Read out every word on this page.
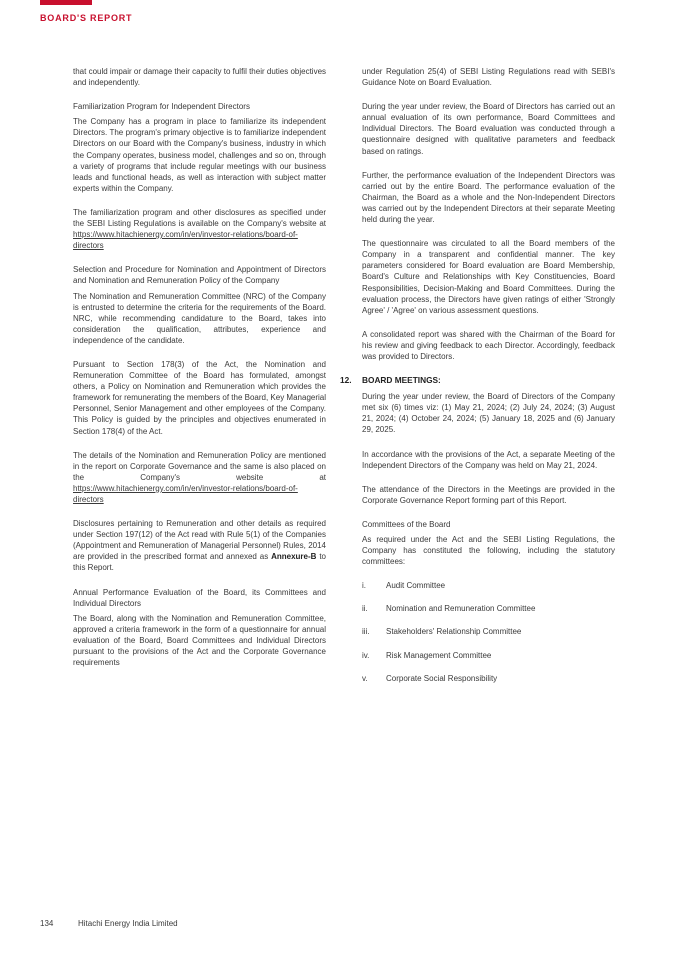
BOARD'S REPORT

that could impair or damage their capacity to fulfil their duties objectives and independently.

Familiarization Program for Independent Directors

The Company has a program in place to familiarize its independent Directors. The program's primary objective is to familiarize independent Directors on our Board with the Company's business, industry in which the Company operates, business model, challenges and so on, through a variety of programs that include regular meetings with our business leads and functional heads, as well as interaction with subject matter experts within the Company.

The familiarization program and other disclosures as specified under the SEBI Listing Regulations is available on the Company's website at https://www.hitachienergy.com/in/en/investor-relations/board-of-directors

Selection and Procedure for Nomination and Appointment of Directors and Nomination and Remuneration Policy of the Company

The Nomination and Remuneration Committee (NRC) of the Company is entrusted to determine the criteria for the requirements of the Board. NRC, while recommending candidature to the Board, takes into consideration the qualification, attributes, experience and independence of the candidate.

Pursuant to Section 178(3) of the Act, the Nomination and Remuneration Committee of the Board has formulated, amongst others, a Policy on Nomination and Remuneration which provides the framework for remunerating the members of the Board, Key Managerial Personnel, Senior Management and other employees of the Company. This Policy is guided by the principles and objectives enumerated in Section 178(4) of the Act.

The details of the Nomination and Remuneration Policy are mentioned in the report on Corporate Governance and the same is also placed on the Company's website at https://www.hitachienergy.com/in/en/investor-relations/board-of-directors

Disclosures pertaining to Remuneration and other details as required under Section 197(12) of the Act read with Rule 5(1) of the Companies (Appointment and Remuneration of Managerial Personnel) Rules, 2014 are provided in the prescribed format and annexed as Annexure-B to this Report.

Annual Performance Evaluation of the Board, its Committees and Individual Directors

The Board, along with the Nomination and Remuneration Committee, approved a criteria framework in the form of a questionnaire for annual evaluation of the Board, Board Committees and Individual Directors pursuant to the provisions of the Act and the Corporate Governance requirements

under Regulation 25(4) of SEBI Listing Regulations read with SEBI's Guidance Note on Board Evaluation.

During the year under review, the Board of Directors has carried out an annual evaluation of its own performance, Board Committees and Individual Directors. The Board evaluation was conducted through a questionnaire designed with qualitative parameters and feedback based on ratings.

Further, the performance evaluation of the Independent Directors was carried out by the entire Board. The performance evaluation of the Chairman, the Board as a whole and the Non-Independent Directors was carried out by the Independent Directors at their separate Meeting held during the year.

The questionnaire was circulated to all the Board members of the Company in a transparent and confidential manner. The key parameters considered for Board evaluation are Board Membership, Board's Culture and Relationships with Key Constituencies, Board Responsibilities, Decision-Making and Board Committees. During the evaluation process, the Directors have given ratings of either 'Strongly Agree' / 'Agree' on various assessment questions.

A consolidated report was shared with the Chairman of the Board for his review and giving feedback to each Director. Accordingly, feedback was provided to Directors.

12.	BOARD MEETINGS:

During the year under review, the Board of Directors of the Company met six (6) times viz: (1) May 21, 2024; (2) July 24, 2024; (3) August 21, 2024; (4) October 24, 2024; (5) January 18, 2025 and (6) January 29, 2025.

In accordance with the provisions of the Act, a separate Meeting of the Independent Directors of the Company was held on May 21, 2024.

The attendance of the Directors in the Meetings are provided in the Corporate Governance Report forming part of this Report.

Committees of the Board

As required under the Act and the SEBI Listing Regulations, the Company has constituted the following, including the statutory committees:

i.	Audit Committee
ii.	Nomination and Remuneration Committee
iii.	Stakeholders' Relationship Committee
iv.	Risk Management Committee
v.	Corporate Social Responsibility
134	Hitachi Energy India Limited
